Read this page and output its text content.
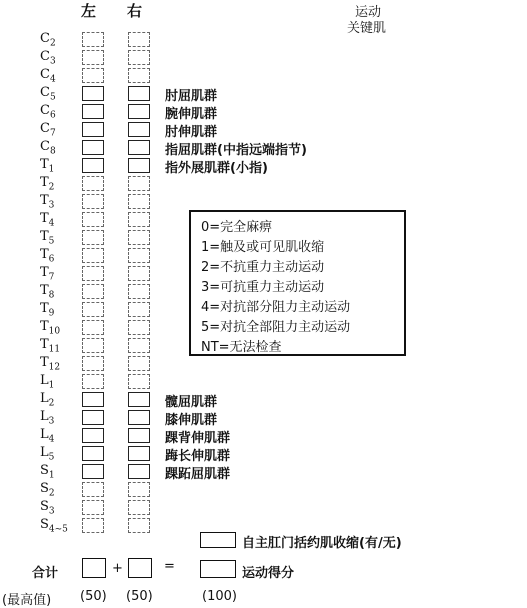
左 右	运动
关键肌
$C_2$
$C_3$
$C_4$
$C_5$	肘屈肌群
$C_6$	腕伸肌群
$C_7$	肘伸肌群
$C_8$	指屈肌群(中指远端指节)
$T_1$	指外展肌群(小指)
$T_2$
$T_3$
$T_4$
$T_5$
$T_6$
$T_7$
$T_8$
$T_9$
$T_{10}$
$T_{11}$
$T_{12}$
$L_1$
$L_2$	髋屈肌群
$L_3$	膝伸肌群
$L_4$	踝背伸肌群
$L_5$	踇长伸肌群
$S_1$	踝跖屈肌群
$S_2$
$S_3$
$S_{4\sim 5}$
0=完全麻痹
1=触及或可见肌收缩
2=不抗重力主动运动
3=可抗重力主动运动
4=对抗部分阻力主动运动
5=对抗全部阻力主动运动
NT=无法检查
自主肛门括约肌收缩(有/无)
合计	+	=	运动得分
(最高值) (50) (50)	(100)
